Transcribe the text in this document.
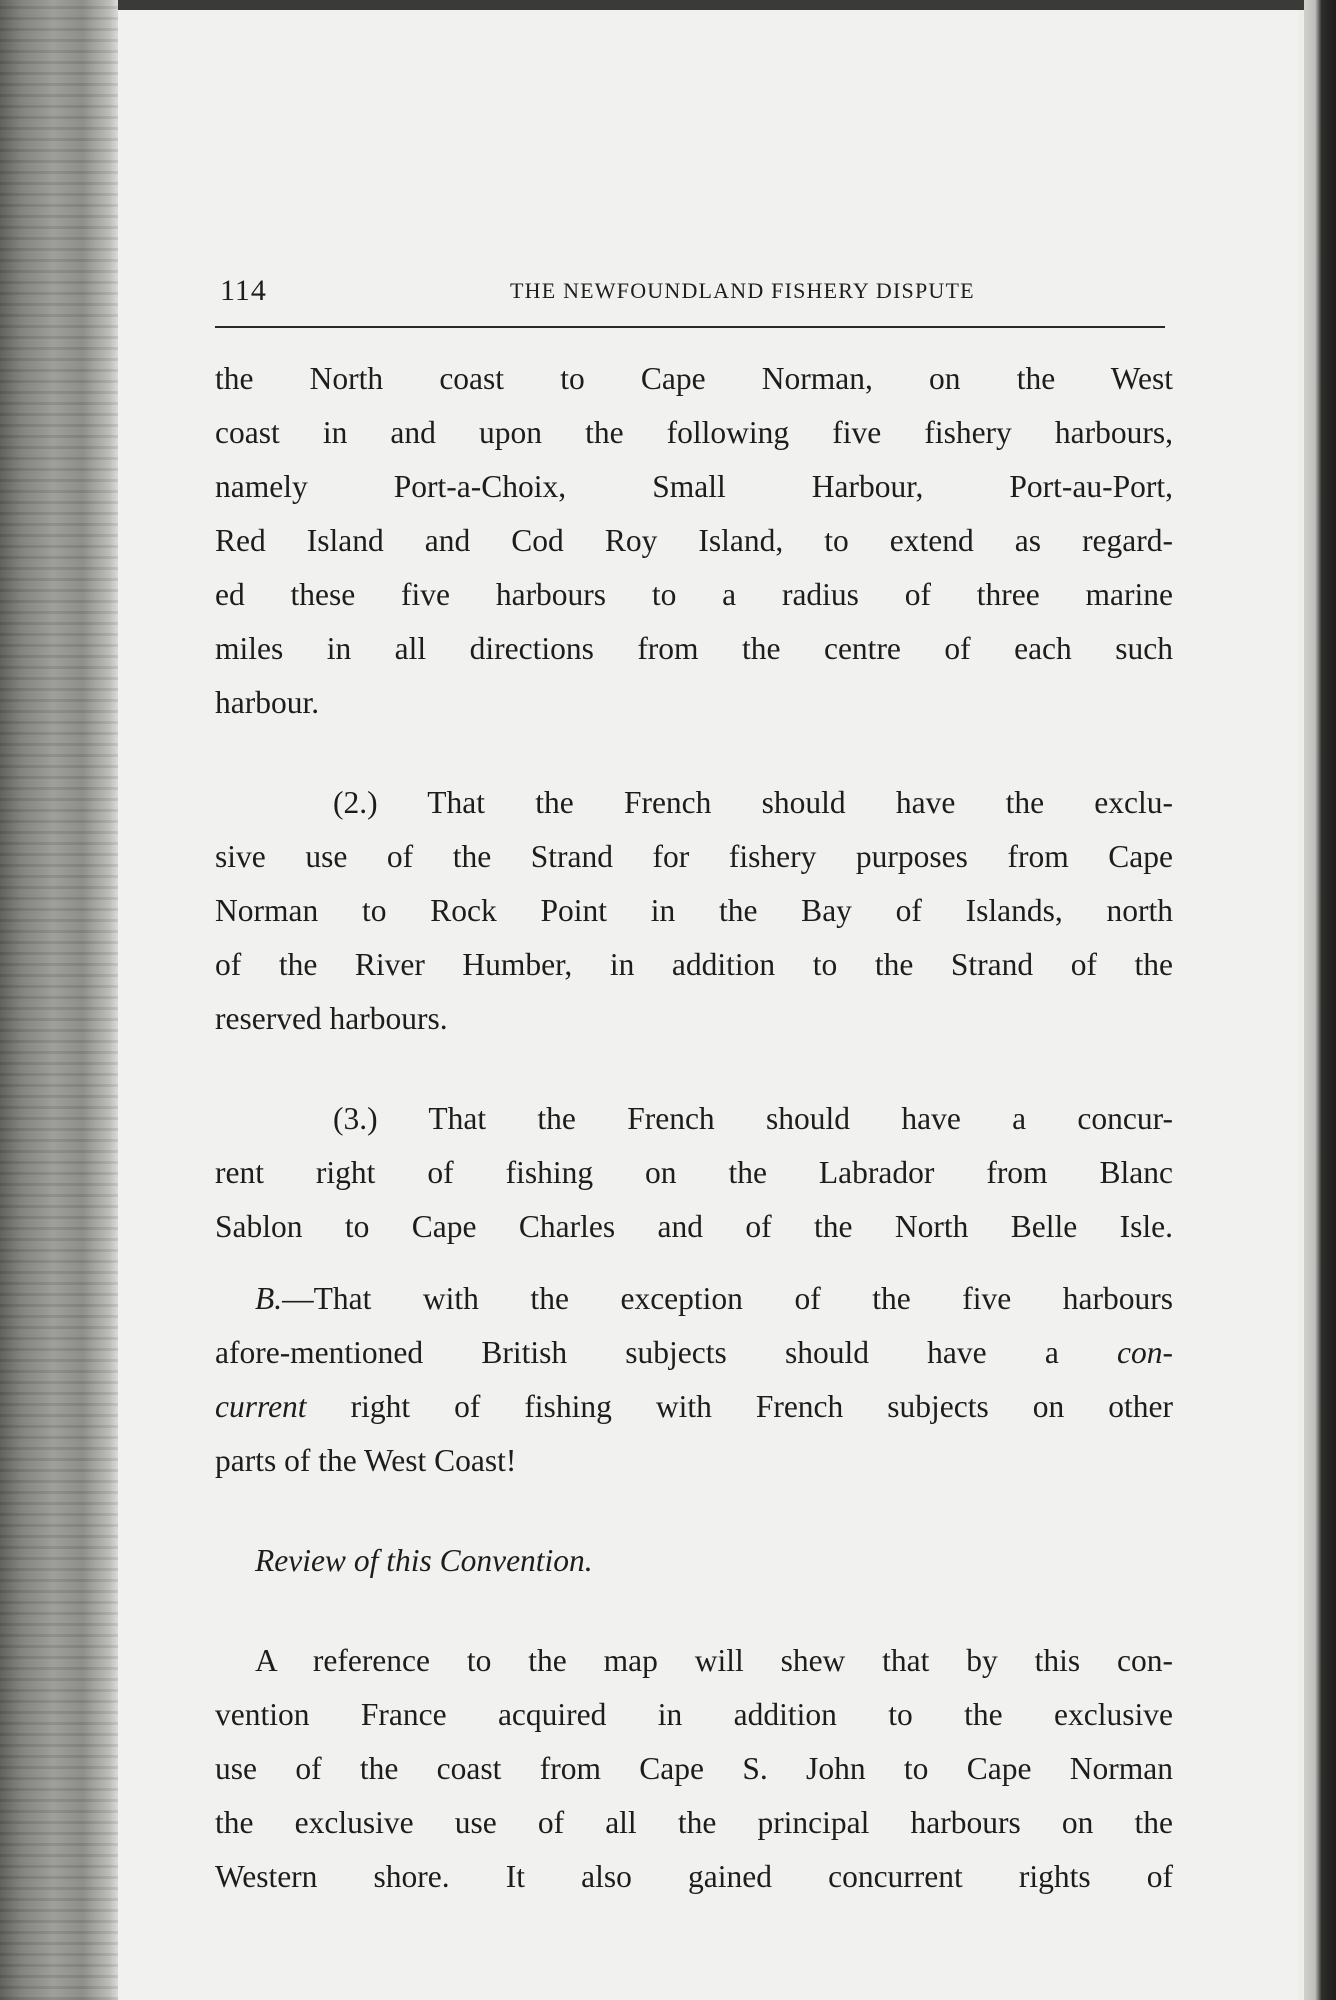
114	THE NEWFOUNDLAND FISHERY DISPUTE

the North coast to Cape Norman, on the West
coast in and upon the following five fishery harbours,
namely Port-a-Choix, Small Harbour, Port-au-Port,
Red Island and Cod Roy Island, to extend as regard-
ed these five harbours to a radius of three marine
miles in all directions from the centre of each such
harbour.

(2.) That the French should have the exclu-
sive use of the Strand for fishery purposes from Cape
Norman to Rock Point in the Bay of Islands, north
of the River Humber, in addition to the Strand of the
reserved harbours.

(3.) That the French should have a concur-
rent right of fishing on the Labrador from Blanc
Sablon to Cape Charles and of the North Belle Isle.

B.—That with the exception of the five harbours
afore-mentioned British subjects should have a con-
current right of fishing with French subjects on other
parts of the West Coast!

Review of this Convention.

A reference to the map will shew that by this con-
vention France acquired in addition to the exclusive
use of the coast from Cape S. John to Cape Norman
the exclusive use of all the principal harbours on the
Western shore. It also gained concurrent rights of
